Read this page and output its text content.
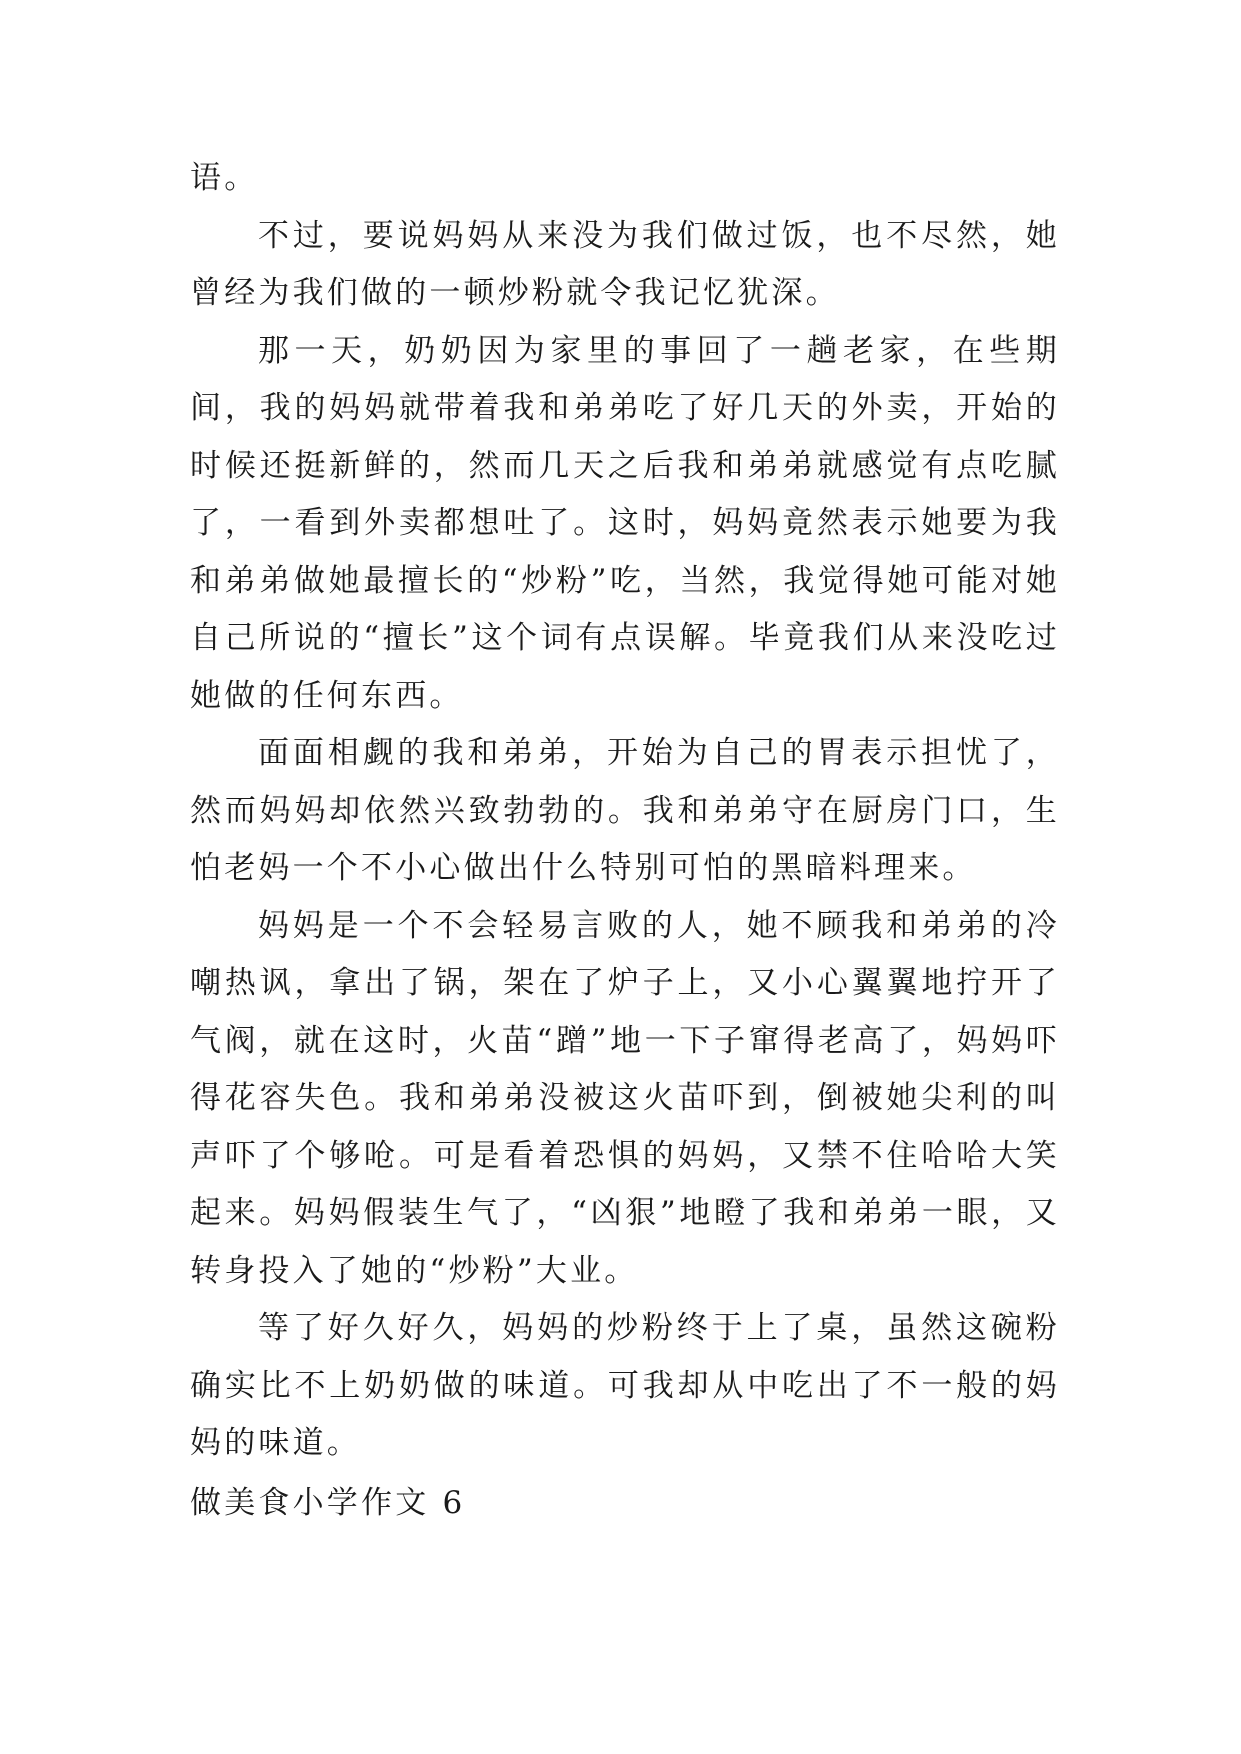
语。

不过，要说妈妈从来没为我们做过饭，也不尽然，她曾经为我们做的一顿炒粉就令我记忆犹深。

那一天，奶奶因为家里的事回了一趟老家，在些期间，我的妈妈就带着我和弟弟吃了好几天的外卖，开始的时候还挺新鲜的，然而几天之后我和弟弟就感觉有点吃腻了，一看到外卖都想吐了。这时，妈妈竟然表示她要为我和弟弟做她最擅长的“炒粉”吃，当然，我觉得她可能对她自己所说的“擅长”这个词有点误解。毕竟我们从来没吃过她做的任何东西。

面面相觑的我和弟弟，开始为自己的胃表示担忧了，然而妈妈却依然兴致勃勃的。我和弟弟守在厨房门口，生怕老妈一个不小心做出什么特别可怕的黑暗料理来。

妈妈是一个不会轻易言败的人，她不顾我和弟弟的冷嘲热讽，拿出了锅，架在了炉子上，又小心翼翼地拧开了气阀，就在这时，火苗“蹭”地一下子窜得老高了，妈妈吓得花容失色。我和弟弟没被这火苗吓到，倒被她尖利的叫声吓了个够呛。可是看着恐惧的妈妈，又禁不住哈哈大笑起来。妈妈假装生气了，“凶狠”地瞪了我和弟弟一眼，又转身投入了她的“炒粉”大业。

等了好久好久，妈妈的炒粉终于上了桌，虽然这碗粉确实比不上奶奶做的味道。可我却从中吃出了不一般的妈妈的味道。

做美食小学作文 6
